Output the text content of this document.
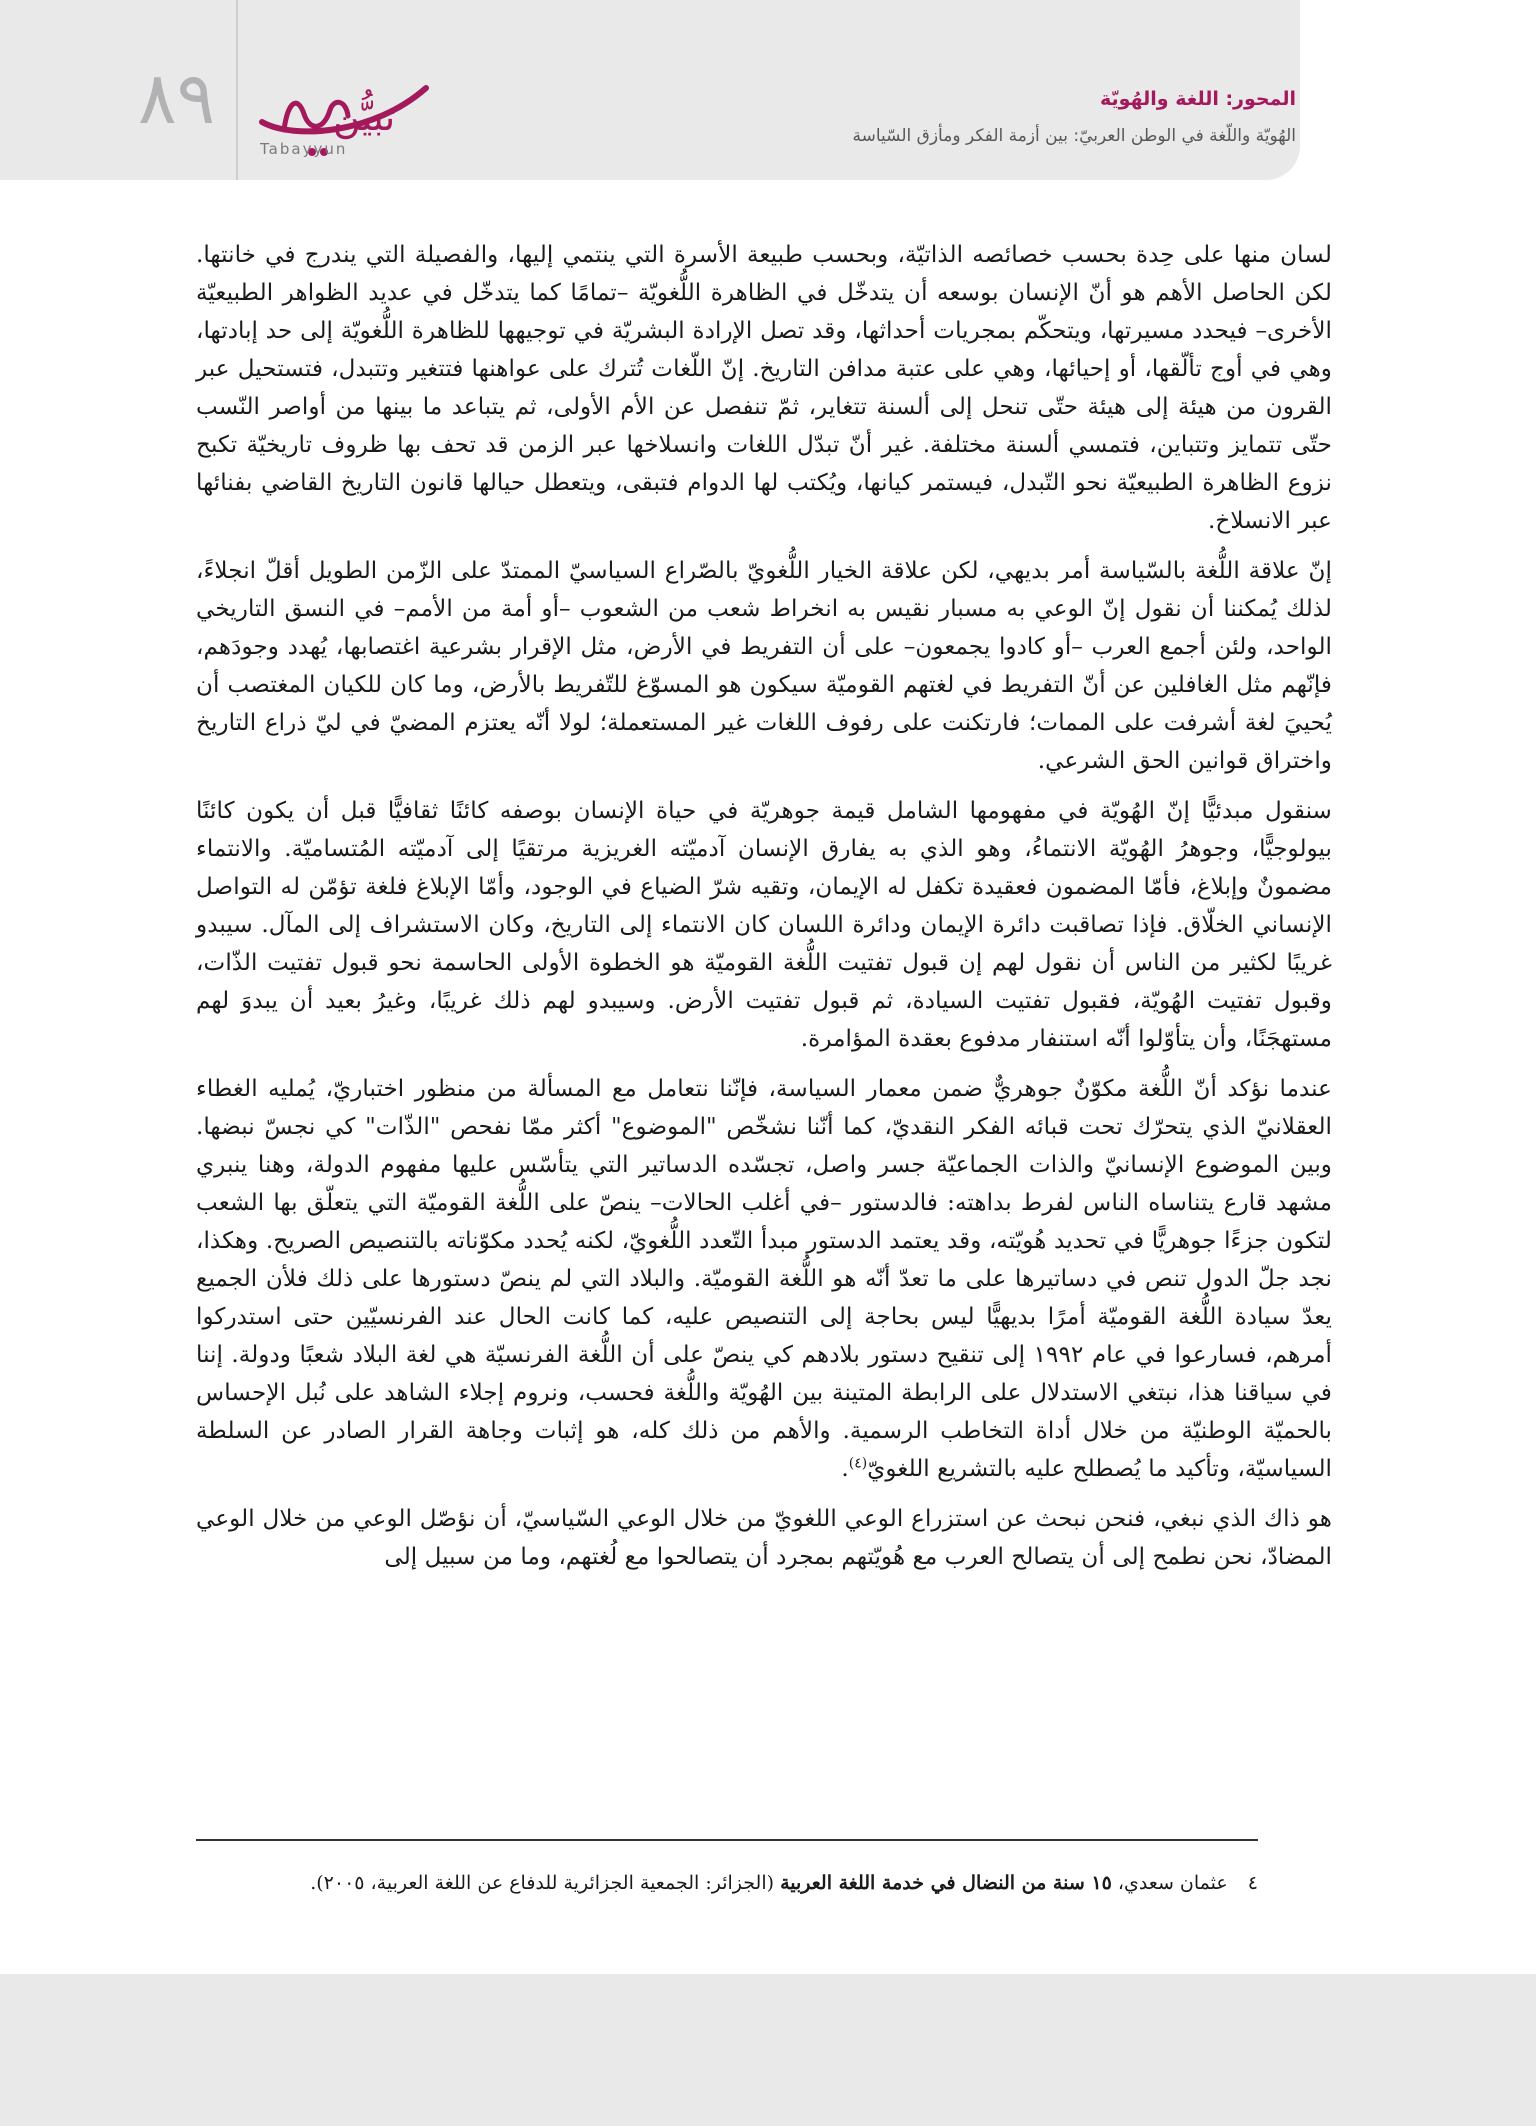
٨٩	تبيُّن
Tabayyun
المحور: اللغة والهُويّة
الهُويّة واللّغة في الوطن العربيّ: بين أزمة الفكر ومأزق السّياسة

لسان منها على حِدة بحسب خصائصه الذاتيّة، وبحسب طبيعة الأسرة التي ينتمي إليها، والفصيلة التي يندرج في خانتها. لكن الحاصل الأهم هو أنّ الإنسان بوسعه أن يتدخّل في الظاهرة اللُّغويّة –تمامًا كما يتدخّل في عديد الظواهر الطبيعيّة الأخرى– فيحدد مسيرتها، ويتحكّم بمجريات أحداثها، وقد تصل الإرادة البشريّة في توجيهها للظاهرة اللُّغويّة إلى حد إبادتها، وهي في أوج تألّقها، أو إحيائها، وهي على عتبة مدافن التاريخ. إنّ اللّغات تُترك على عواهنها فتتغير وتتبدل، فتستحيل عبر القرون من هيئة إلى هيئة حتّى تنحل إلى ألسنة تتغاير، ثمّ تنفصل عن الأم الأولى، ثم يتباعد ما بينها من أواصر النّسب حتّى تتمايز وتتباين، فتمسي ألسنة مختلفة. غير أنّ تبدّل اللغات وانسلاخها عبر الزمن قد تحف بها ظروف تاريخيّة تكبح نزوع الظاهرة الطبيعيّة نحو التّبدل، فيستمر كيانها، ويُكتب لها الدوام فتبقى، ويتعطل حيالها قانون التاريخ القاضي بفنائها عبر الانسلاخ.

إنّ علاقة اللُّغة بالسّياسة أمر بديهي، لكن علاقة الخيار اللُّغويّ بالصّراع السياسيّ الممتدّ على الزّمن الطويل أقلّ انجلاءً، لذلك يُمكننا أن نقول إنّ الوعي به مسبار نقيس به انخراط شعب من الشعوب –أو أمة من الأمم– في النسق التاريخي الواحد، ولئن أجمع العرب –أو كادوا يجمعون– على أن التفريط في الأرض، مثل الإقرار بشرعية اغتصابها، يُهدد وجودَهم، فإنّهم مثل الغافلين عن أنّ التفريط في لغتهم القوميّة سيكون هو المسوّغ للتّفريط بالأرض، وما كان للكيان المغتصب أن يُحييَ لغة أشرفت على الممات؛ فارتكنت على رفوف اللغات غير المستعملة؛ لولا أنّه يعتزم المضيّ في ليّ ذراع التاريخ واختراق قوانين الحق الشرعي.

سنقول مبدئيًّا إنّ الهُويّة في مفهومها الشامل قيمة جوهريّة في حياة الإنسان بوصفه كائنًا ثقافيًّا قبل أن يكون كائنًا بيولوجيًّا، وجوهرُ الهُويّة الانتماءُ، وهو الذي به يفارق الإنسان آدميّته الغريزية مرتقيًا إلى آدميّته المُتساميّة. والانتماء مضمونٌ وإبلاغ، فأمّا المضمون فعقيدة تكفل له الإيمان، وتقيه شرّ الضياع في الوجود، وأمّا الإبلاغ فلغة تؤمّن له التواصل الإنساني الخلّاق. فإذا تصاقبت دائرة الإيمان ودائرة اللسان كان الانتماء إلى التاريخ، وكان الاستشراف إلى المآل. سيبدو غريبًا لكثير من الناس أن نقول لهم إن قبول تفتيت اللُّغة القوميّة هو الخطوة الأولى الحاسمة نحو قبول تفتيت الذّات، وقبول تفتيت الهُويّة، فقبول تفتيت السيادة، ثم قبول تفتيت الأرض. وسيبدو لهم ذلك غريبًا، وغيرُ بعيد أن يبدوَ لهم مستهجَنًا، وأن يتأوّلوا أنّه استنفار مدفوع بعقدة المؤامرة.

عندما نؤكد أنّ اللُّغة مكوّنٌ جوهريٌّ ضمن معمار السياسة، فإنّنا نتعامل مع المسألة من منظور اختباريّ، يُمليه الغطاء العقلانيّ الذي يتحرّك تحت قبائه الفكر النقديّ، كما أنّنا نشخّص "الموضوع" أكثر ممّا نفحص "الذّات" كي نجسّ نبضها. وبين الموضوع الإنسانيّ والذات الجماعيّة جسر واصل، تجسّده الدساتير التي يتأسّس عليها مفهوم الدولة، وهنا ينبري مشهد قارع يتناساه الناس لفرط بداهته: فالدستور –في أغلب الحالات– ينصّ على اللُّغة القوميّة التي يتعلّق بها الشعب لتكون جزءًا جوهريًّا في تحديد هُويّته، وقد يعتمد الدستور مبدأ التّعدد اللُّغويّ، لكنه يُحدد مكوّناته بالتنصيص الصريح. وهكذا، نجد جلّ الدول تنص في دساتيرها على ما تعدّ أنّه هو اللُّغة القوميّة. والبلاد التي لم ينصّ دستورها على ذلك فلأن الجميع يعدّ سيادة اللُّغة القوميّة أمرًا بديهيًّا ليس بحاجة إلى التنصيص عليه، كما كانت الحال عند الفرنسيّين حتى استدركوا أمرهم، فسارعوا في عام ١٩٩٢ إلى تنقيح دستور بلادهم كي ينصّ على أن اللُّغة الفرنسيّة هي لغة البلاد شعبًا ودولة. إننا في سياقنا هذا، نبتغي الاستدلال على الرابطة المتينة بين الهُويّة واللُّغة فحسب، ونروم إجلاء الشاهد على نُبل الإحساس بالحميّة الوطنيّة من خلال أداة التخاطب الرسمية. والأهم من ذلك كله، هو إثبات وجاهة القرار الصادر عن السلطة السياسيّة، وتأكيد ما يُصطلح عليه بالتشريع اللغويّ$^{(٤)}$.

هو ذاك الذي نبغي، فنحن نبحث عن استزراع الوعي اللغويّ من خلال الوعي السّياسيّ، أن نؤصّل الوعي من خلال الوعي المضادّ، نحن نطمح إلى أن يتصالح العرب مع هُويّتهم بمجرد أن يتصالحوا مع لُغتهم، وما من سبيل إلى

٤ عثمان سعدي، ١٥ سنة من النضال في خدمة اللغة العربية (الجزائر: الجمعية الجزائرية للدفاع عن اللغة العربية، ٢٠٠٥).
